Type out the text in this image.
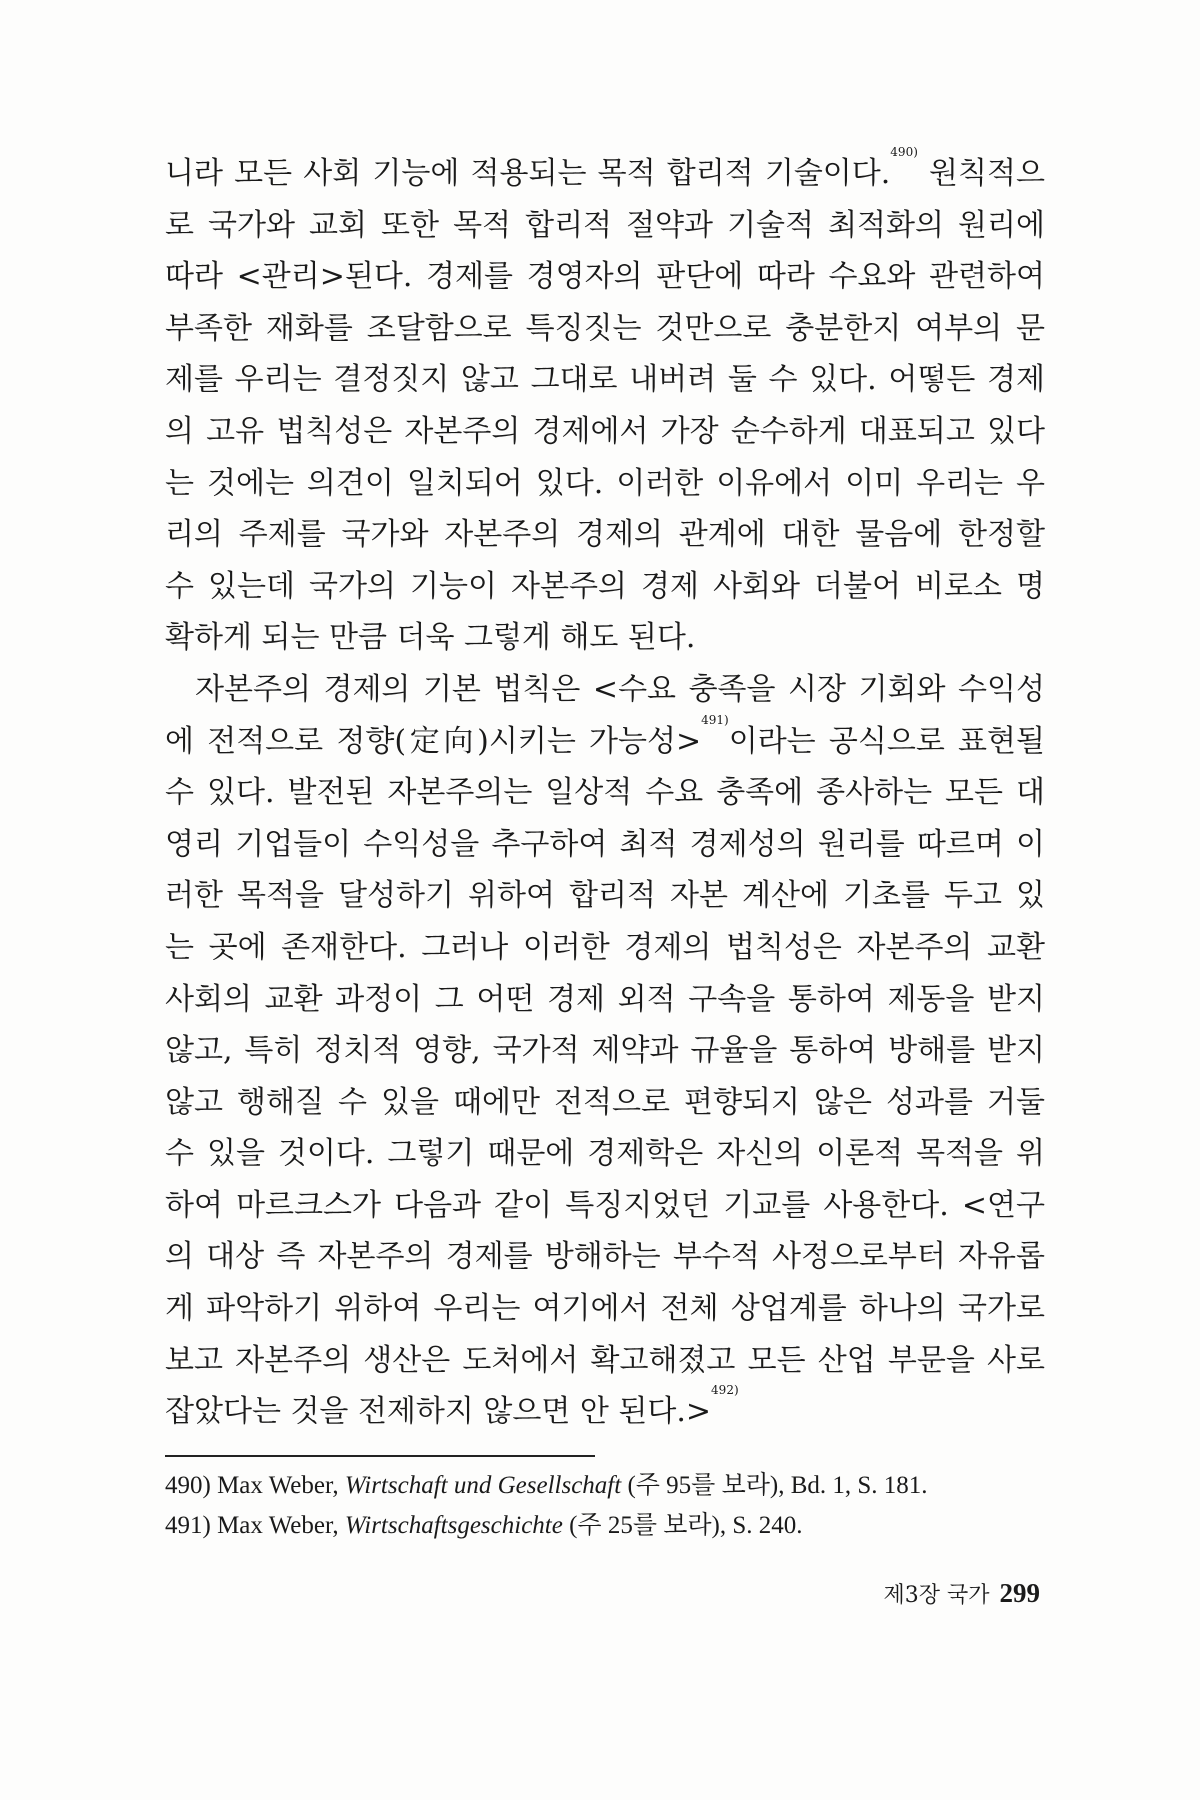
니라 모든 사회 기능에 적용되는 목적 합리적 기술이다.$^{490)}$ 원칙적으
로 국가와 교회 또한 목적 합리적 절약과 기술적 최적화의 원리에
따라 <관리>된다. 경제를 경영자의 판단에 따라 수요와 관련하여
부족한 재화를 조달함으로 특징짓는 것만으로 충분한지 여부의 문
제를 우리는 결정짓지 않고 그대로 내버려 둘 수 있다. 어떻든 경제
의 고유 법칙성은 자본주의 경제에서 가장 순수하게 대표되고 있다
는 것에는 의견이 일치되어 있다. 이러한 이유에서 이미 우리는 우
리의 주제를 국가와 자본주의 경제의 관계에 대한 물음에 한정할
수 있는데 국가의 기능이 자본주의 경제 사회와 더불어 비로소 명
확하게 되는 만큼 더욱 그렇게 해도 된다.
자본주의 경제의 기본 법칙은 <수요 충족을 시장 기회와 수익성
에 전적으로 정향(定向)시키는 가능성>$^{491)}$이라는 공식으로 표현될
수 있다. 발전된 자본주의는 일상적 수요 충족에 종사하는 모든 대
영리 기업들이 수익성을 추구하여 최적 경제성의 원리를 따르며 이
러한 목적을 달성하기 위하여 합리적 자본 계산에 기초를 두고 있
는 곳에 존재한다. 그러나 이러한 경제의 법칙성은 자본주의 교환
사회의 교환 과정이 그 어떤 경제 외적 구속을 통하여 제동을 받지
않고, 특히 정치적 영향, 국가적 제약과 규율을 통하여 방해를 받지
않고 행해질 수 있을 때에만 전적으로 편향되지 않은 성과를 거둘
수 있을 것이다. 그렇기 때문에 경제학은 자신의 이론적 목적을 위
하여 마르크스가 다음과 같이 특징지었던 기교를 사용한다. <연구
의 대상 즉 자본주의 경제를 방해하는 부수적 사정으로부터 자유롭
게 파악하기 위하여 우리는 여기에서 전체 상업계를 하나의 국가로
보고 자본주의 생산은 도처에서 확고해졌고 모든 산업 부문을 사로
잡았다는 것을 전제하지 않으면 안 된다.>$^{492)}$
490) Max Weber, Wirtschaft und Gesellschaft (주 95를 보라), Bd. 1, S. 181.
491) Max Weber, Wirtschaftsgeschichte (주 25를 보라), S. 240.
제3장 국가 299
